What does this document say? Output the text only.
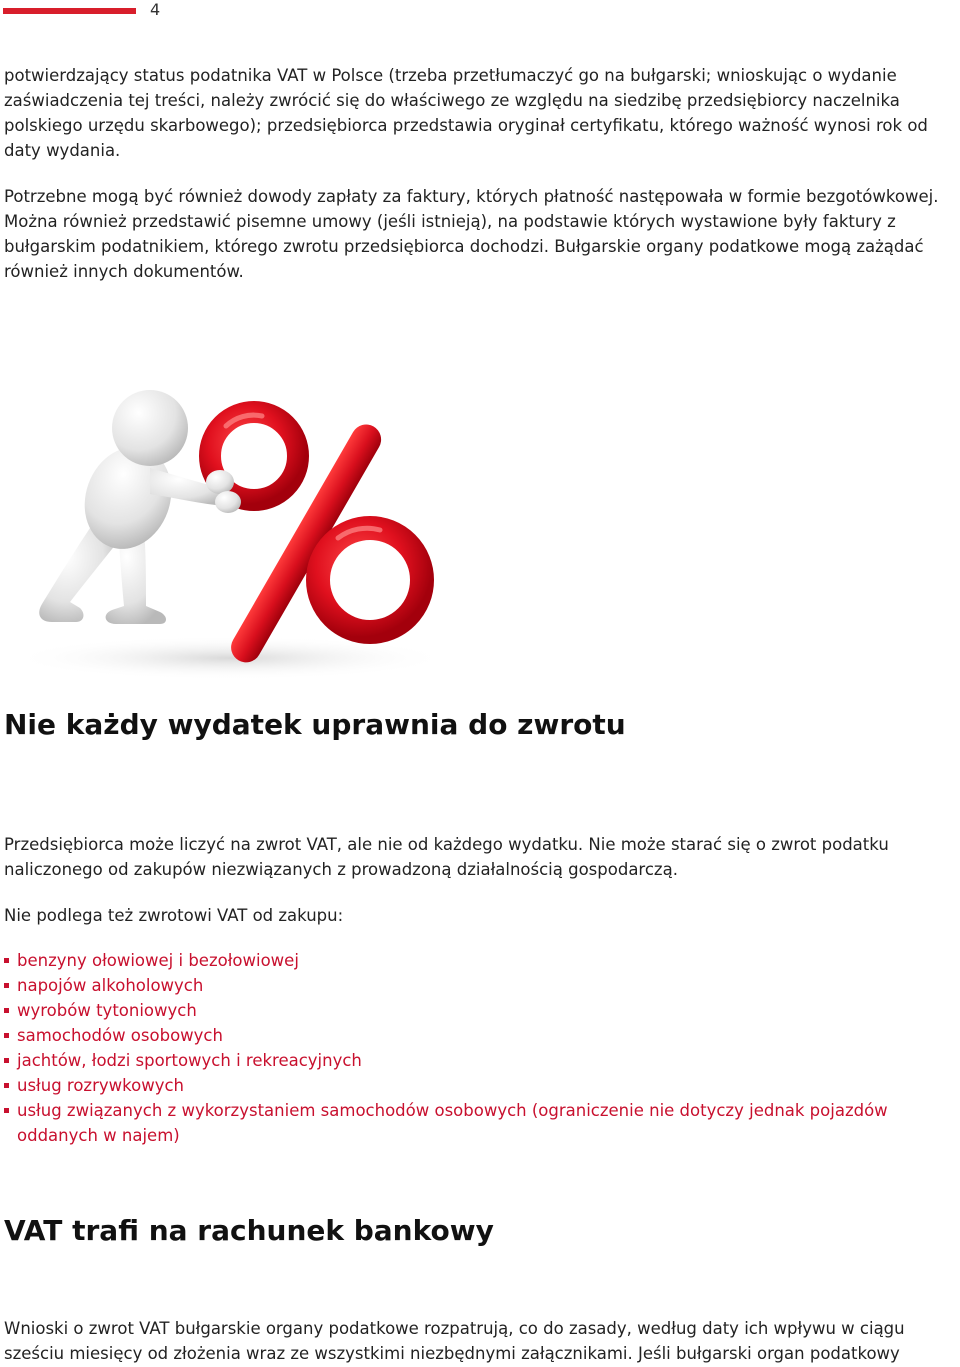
4

potwierdzający status podatnika VAT w Polsce (trzeba przetłumaczyć go na bułgarski; wnioskując o wydanie
zaświadczenia tej treści, należy zwrócić się do właściwego ze względu na siedzibę przedsiębiorcy naczelnika
polskiego urzędu skarbowego); przedsiębiorca przedstawia oryginał certyfikatu, którego ważność wynosi rok od
daty wydania.

Potrzebne mogą być również dowody zapłaty za faktury, których płatność następowała w formie bezgotówkowej.
Można również przedstawić pisemne umowy (jeśli istnieją), na podstawie których wystawione były faktury z
bułgarskim podatnikiem, którego zwrotu przedsiębiorca dochodzi. Bułgarskie organy podatkowe mogą zażądać
również innych dokumentów.

Nie każdy wydatek uprawnia do zwrotu

Przedsiębiorca może liczyć na zwrot VAT, ale nie od każdego wydatku. Nie może starać się o zwrot podatku
naliczonego od zakupów niezwiązanych z prowadzoną działalnością gospodarczą.

Nie podlega też zwrotowi VAT od zakupu:

benzyny ołowiowej i bezołowiowej
napojów alkoholowych
wyrobów tytoniowych
samochodów osobowych
jachtów, łodzi sportowych i rekreacyjnych
usług rozrywkowych
usług związanych z wykorzystaniem samochodów osobowych (ograniczenie nie dotyczy jednak pojazdów
oddanych w najem)
VAT trafi na rachunek bankowy

Wnioski o zwrot VAT bułgarskie organy podatkowe rozpatrują, co do zasady, według daty ich wpływu w ciągu
sześciu miesięcy od złożenia wraz ze wszystkimi niezbędnymi załącznikami. Jeśli bułgarski organ podatkowy
